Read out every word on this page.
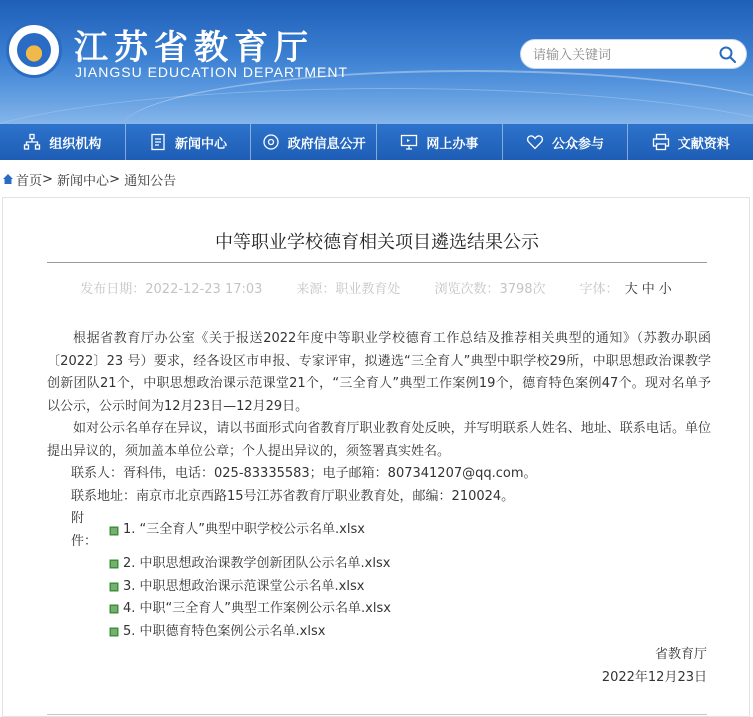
江苏省教育厅
JIANGSU EDUCATION DEPARTMENT
请输入关键词
组织机构	新闻中心	政府信息公开	网上办事	公众参与	文献资料
首页 > 新闻中心 > 通知公告
中等职业学校德育相关项目遴选结果公示
发布日期：2022-12-23 17:03	来源：职业教育处	浏览次数：3798次	字体： 大 中 小

根据省教育厅办公室《关于报送2022年度中等职业学校德育工作总结及推荐相关典型的通知》（苏教办职函〔2022〕23 号）要求，经各设区市申报、专家评审，拟遴选“三全育人”典型中职学校29所，中职思想政治课教学创新团队21个，中职思想政治课示范课堂21个，“三全育人”典型工作案例19个，德育特色案例47个。现对名单予以公示，公示时间为12月23日—12月29日。

如对公示名单存在异议，请以书面形式向省教育厅职业教育处反映，并写明联系人姓名、地址、联系电话。单位提出异议的，须加盖本单位公章；个人提出异议的，须签署真实姓名。

联系人：胥科伟，电话：025-83335583；电子邮箱：807341207@qq.com。
联系地址：南京市北京西路15号江苏省教育厅职业教育处，邮编：210024。
附件：
1. “三全育人”典型中职学校公示名单.xlsx
2. 中职思想政治课教学创新团队公示名单.xlsx
3. 中职思想政治课示范课堂公示名单.xlsx
4. 中职“三全育人”典型工作案例公示名单.xlsx
5. 中职德育特色案例公示名单.xlsx
省教育厅
2022年12月23日
